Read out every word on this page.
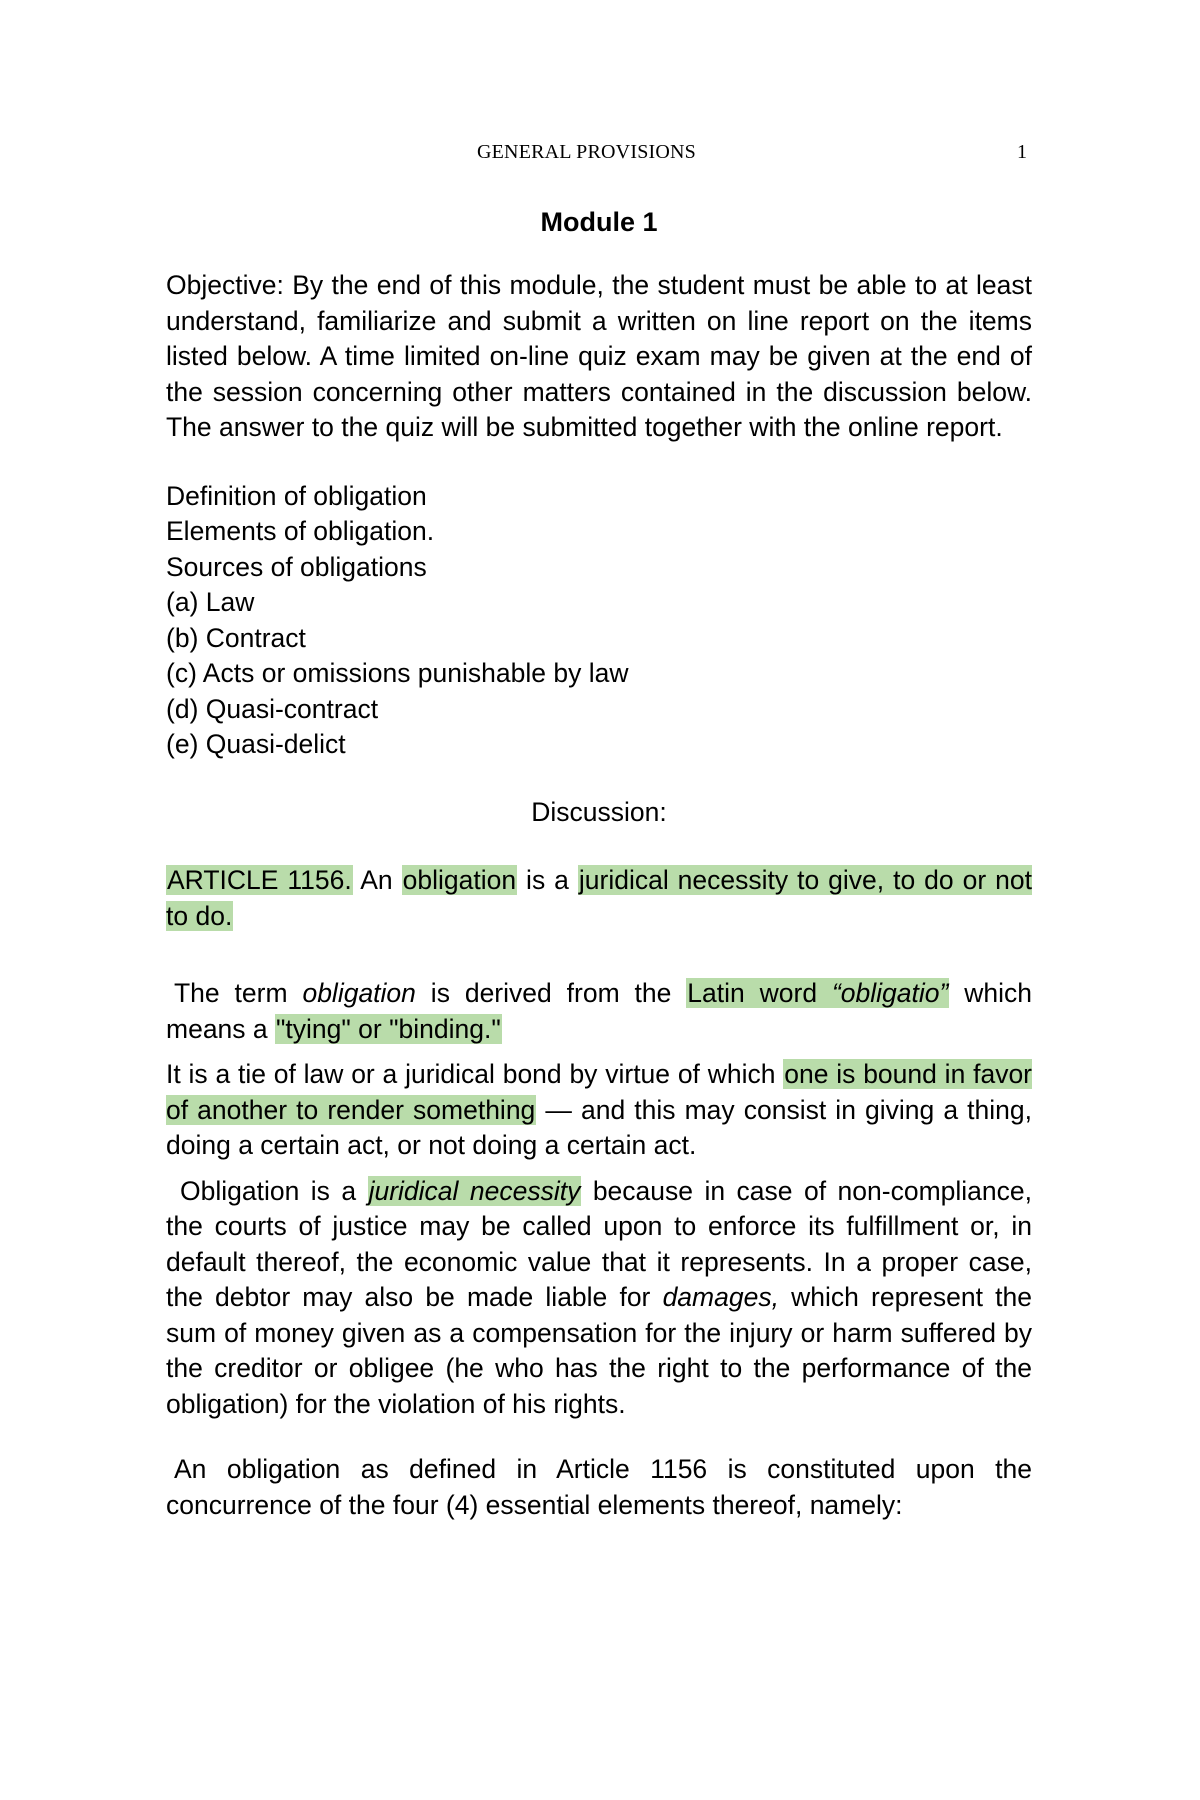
GENERAL PROVISIONS	1
Module 1

Objective: By the end of this module, the student must be able to at least understand, familiarize and submit a written on line report on the items listed below. A time limited on-line quiz exam may be given at the end of the session concerning other matters contained in the discussion below. The answer to the quiz will be submitted together with the online report.

Definition of obligation
Elements of obligation.
Sources of obligations
(a) Law
(b) Contract
(c) Acts or omissions punishable by law
(d) Quasi-contract
(e) Quasi-delict
Discussion:

ARTICLE 1156. An obligation is a juridical necessity to give, to do or not to do.

The term obligation is derived from the Latin word “obligatio” which means a "tying" or "binding."

It is a tie of law or a juridical bond by virtue of which one is bound in favor of another to render something — and this may consist in giving a thing, doing a certain act, or not doing a certain act.

Obligation is a juridical necessity because in case of non-compliance, the courts of justice may be called upon to enforce its fulfillment or, in default thereof, the economic value that it represents. In a proper case, the debtor may also be made liable for damages, which represent the sum of money given as a compensation for the injury or harm suffered by the creditor or obligee (he who has the right to the performance of the obligation) for the violation of his rights.

An obligation as defined in Article 1156 is constituted upon the concurrence of the four (4) essential elements thereof, namely:
